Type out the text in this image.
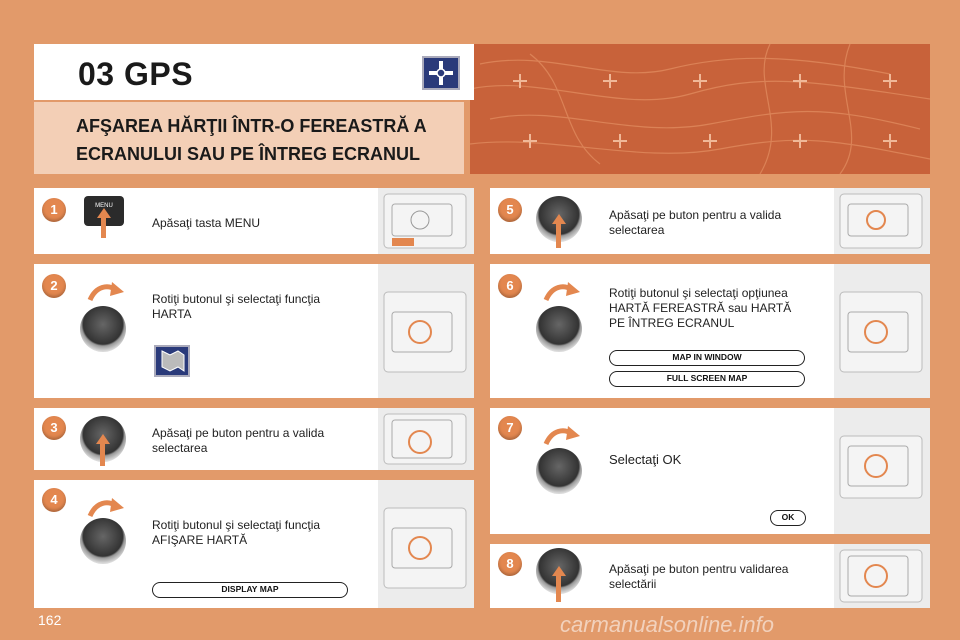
03 GPS
AFŞAREA HĂRŢII ÎNTR-O FEREASTRĂ A ECRANULUI SAU PE ÎNTREG ECRANUL
1	MENU
Apăsaţi tasta MENU
2
Rotiţi butonul şi selectaţi funcţia HARTA
3	Apăsaţi pe buton pentru a valida selectarea
4
Rotiţi butonul şi selectaţi funcţia AFIŞARE HARTĂ
DISPLAY MAP
5	Apăsaţi pe buton pentru a valida selectarea
6	Rotiţi butonul şi selectaţi opţiunea HARTĂ FEREASTRĂ sau HARTĂ PE ÎNTREG ECRANUL
MAP IN WINDOW
FULL SCREEN MAP
7
Selectaţi OK
OK
8	Apăsaţi pe buton pentru validarea selectării
162	carmanualsonline.info
